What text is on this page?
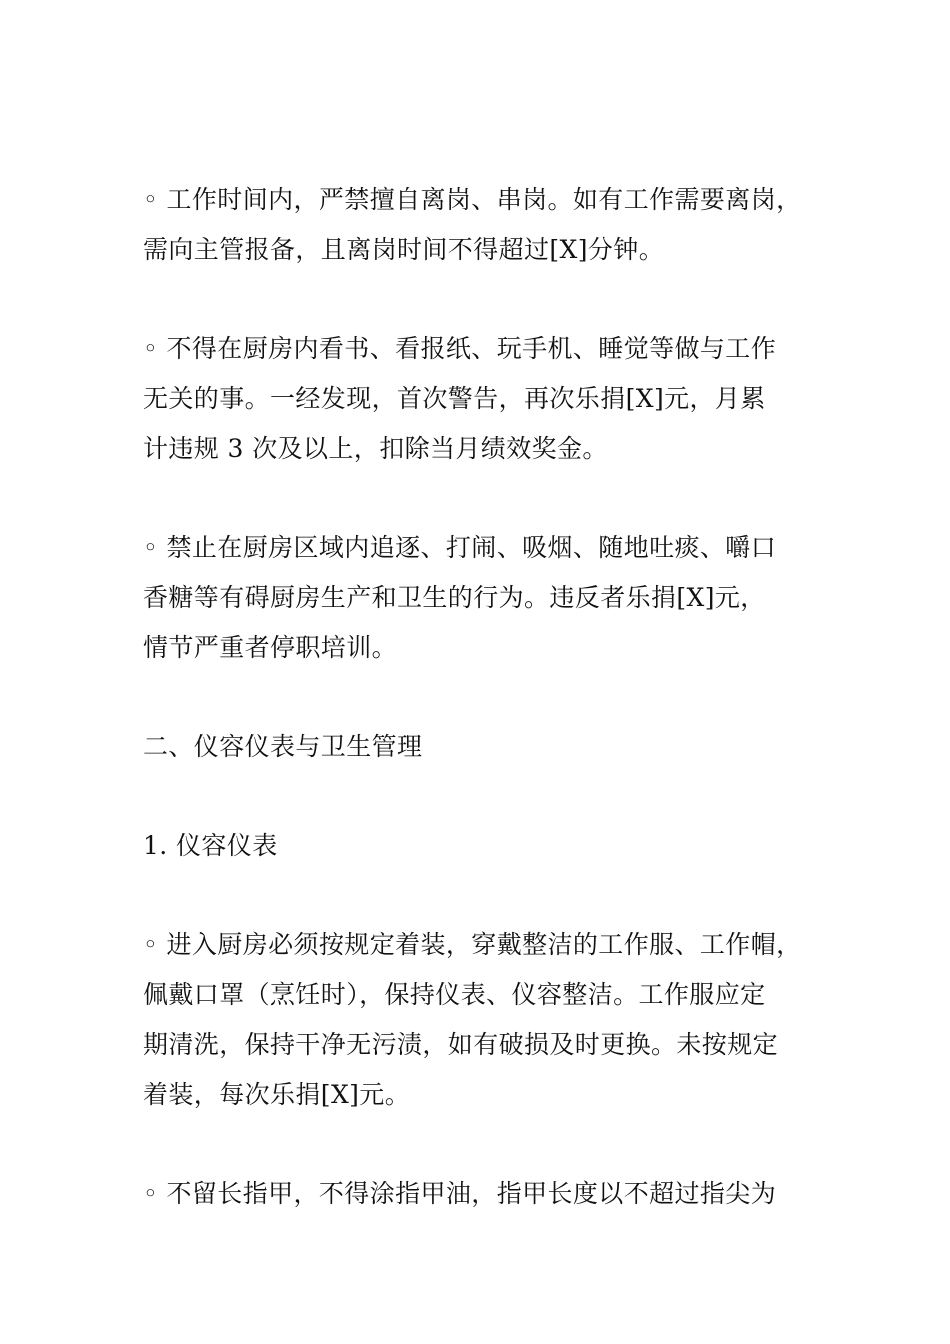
◦ 工作时间内，严禁擅自离岗、串岗。如有工作需要离岗，
需向主管报备，且离岗时间不得超过[X]分钟。
◦ 不得在厨房内看书、看报纸、玩手机、睡觉等做与工作
无关的事。一经发现，首次警告，再次乐捐[X]元，月累
计违规 3 次及以上，扣除当月绩效奖金。
◦ 禁止在厨房区域内追逐、打闹、吸烟、随地吐痰、嚼口
香糖等有碍厨房生产和卫生的行为。违反者乐捐[X]元，
情节严重者停职培训。
二、仪容仪表与卫生管理
1. 仪容仪表
◦ 进入厨房必须按规定着装，穿戴整洁的工作服、工作帽，
佩戴口罩（烹饪时），保持仪表、仪容整洁。工作服应定
期清洗，保持干净无污渍，如有破损及时更换。未按规定
着装，每次乐捐[X]元。
◦ 不留长指甲，不得涂指甲油，指甲长度以不超过指尖为
